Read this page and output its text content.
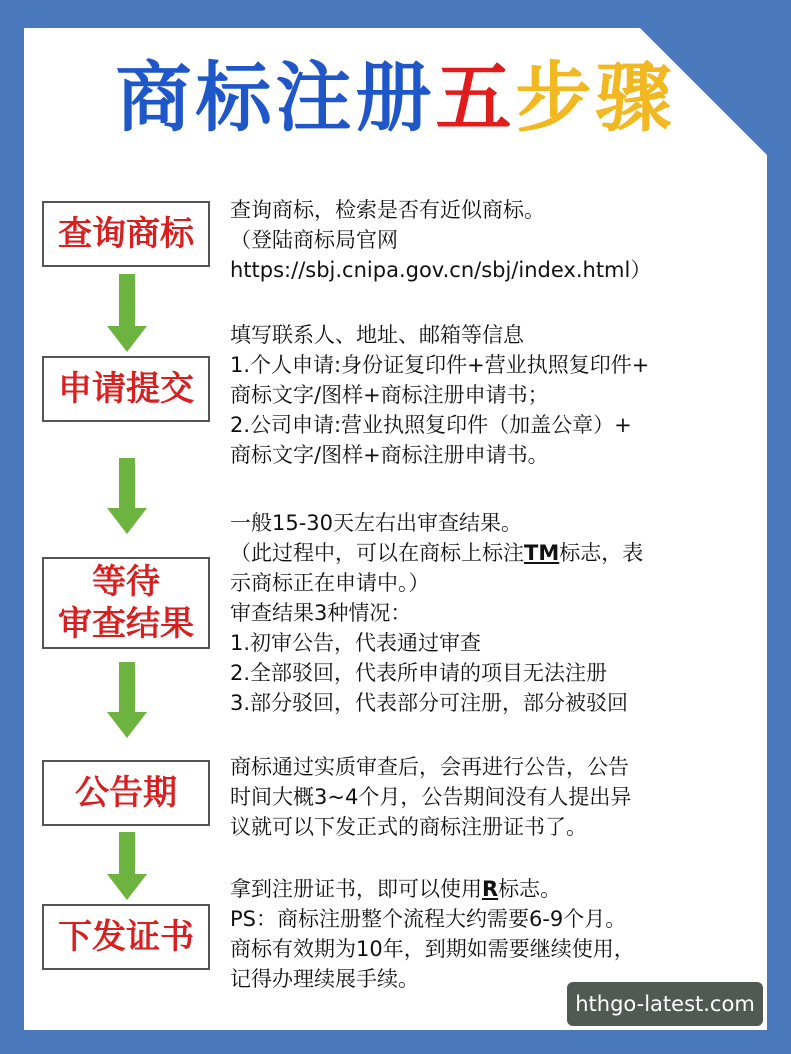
商标注册五步骤
查询商标
查询商标，检索是否有近似商标。
（登陆商标局官网
https://sbj.cnipa.gov.cn/sbj/index.html）
申请提交
填写联系人、地址、邮箱等信息
1.个人申请:身份证复印件+营业执照复印件+
商标文字/图样+商标注册申请书；
2.公司申请:营业执照复印件（加盖公章）+
商标文字/图样+商标注册申请书。
等待
审查结果
一般15-30天左右出审查结果。
（此过程中，可以在商标上标注TM标志，表
示商标正在申请中。）
审查结果3种情况：
1.初审公告，代表通过审查
2.全部驳回，代表所申请的项目无法注册
3.部分驳回，代表部分可注册，部分被驳回
公告期
商标通过实质审查后，会再进行公告，公告
时间大概3~4个月，公告期间没有人提出异
议就可以下发正式的商标注册证书了。
下发证书
拿到注册证书，即可以使用R标志。
PS：商标注册整个流程大约需要6-9个月。
商标有效期为10年，到期如需要继续使用，
记得办理续展手续。
hthgo-latest.com
